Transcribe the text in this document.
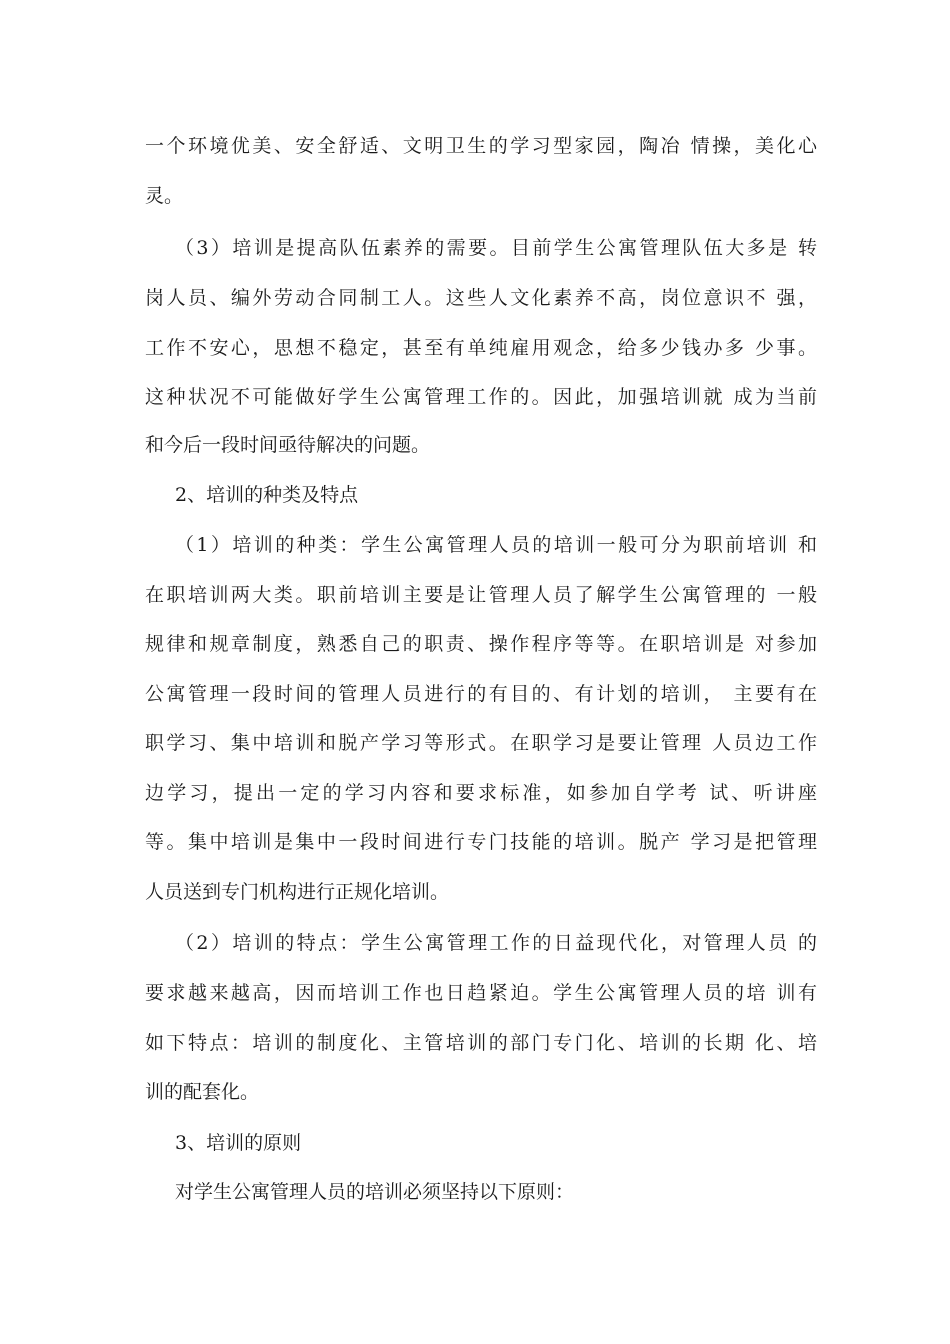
一个环境优美、安全舒适、文明卫生的学习型家园，陶冶 情操，美化心
灵。
（3）培训是提高队伍素养的需要。目前学生公寓管理队伍大多是 转
岗人员、编外劳动合同制工人。这些人文化素养不高，岗位意识不 强，
工作不安心，思想不稳定，甚至有单纯雇用观念，给多少钱办多 少事。
这种状况不可能做好学生公寓管理工作的。因此，加强培训就 成为当前
和今后一段时间亟待解决的问题。
2、培训的种类及特点
（1）培训的种类：学生公寓管理人员的培训一般可分为职前培训 和
在职培训两大类。职前培训主要是让管理人员了解学生公寓管理的 一般
规律和规章制度，熟悉自己的职责、操作程序等等。在职培训是 对参加
公寓管理一段时间的管理人员进行的有目的、有计划的培训， 主要有在
职学习、集中培训和脱产学习等形式。在职学习是要让管理 人员边工作
边学习，提出一定的学习内容和要求标准，如参加自学考 试、听讲座
等。集中培训是集中一段时间进行专门技能的培训。脱产 学习是把管理
人员送到专门机构进行正规化培训。
（2）培训的特点：学生公寓管理工作的日益现代化，对管理人员 的
要求越来越高，因而培训工作也日趋紧迫。学生公寓管理人员的培 训有
如下特点：培训的制度化、主管培训的部门专门化、培训的长期 化、培
训的配套化。
3、培训的原则
对学生公寓管理人员的培训必须坚持以下原则：
